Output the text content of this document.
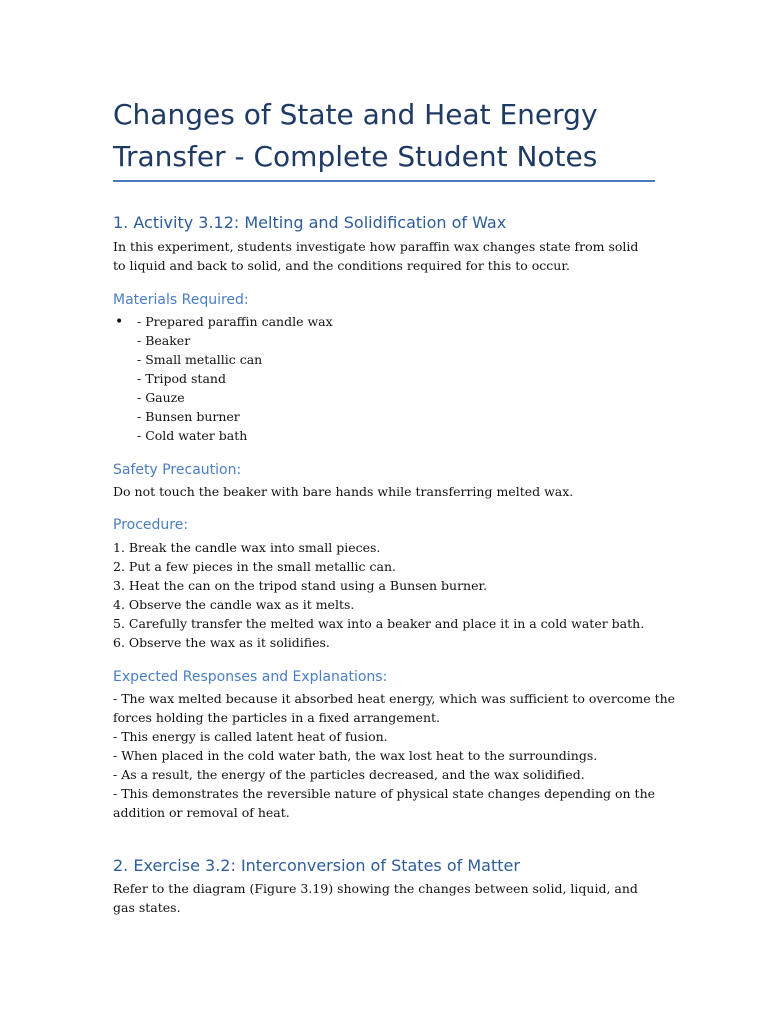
Changes of State and Heat Energy Transfer - Complete Student Notes
1. Activity 3.12: Melting and Solidification of Wax

In this experiment, students investigate how paraffin wax changes state from solid to liquid and back to solid, and the conditions required for this to occur.

Materials Required:
• - Prepared paraffin candle wax
- Beaker
- Small metallic can
- Tripod stand
- Gauze
- Bunsen burner
- Cold water bath
Safety Precaution:

Do not touch the beaker with bare hands while transferring melted wax.

Procedure:
1. Break the candle wax into small pieces.
2. Put a few pieces in the small metallic can.
3. Heat the can on the tripod stand using a Bunsen burner.
4. Observe the candle wax as it melts.
5. Carefully transfer the melted wax into a beaker and place it in a cold water bath.
6. Observe the wax as it solidifies.
Expected Responses and Explanations:
- The wax melted because it absorbed heat energy, which was sufficient to overcome the
forces holding the particles in a fixed arrangement.
- This energy is called latent heat of fusion.
- When placed in the cold water bath, the wax lost heat to the surroundings.
- As a result, the energy of the particles decreased, and the wax solidified.
- This demonstrates the reversible nature of physical state changes depending on the
addition or removal of heat.
2. Exercise 3.2: Interconversion of States of Matter

Refer to the diagram (Figure 3.19) showing the changes between solid, liquid, and gas states.
